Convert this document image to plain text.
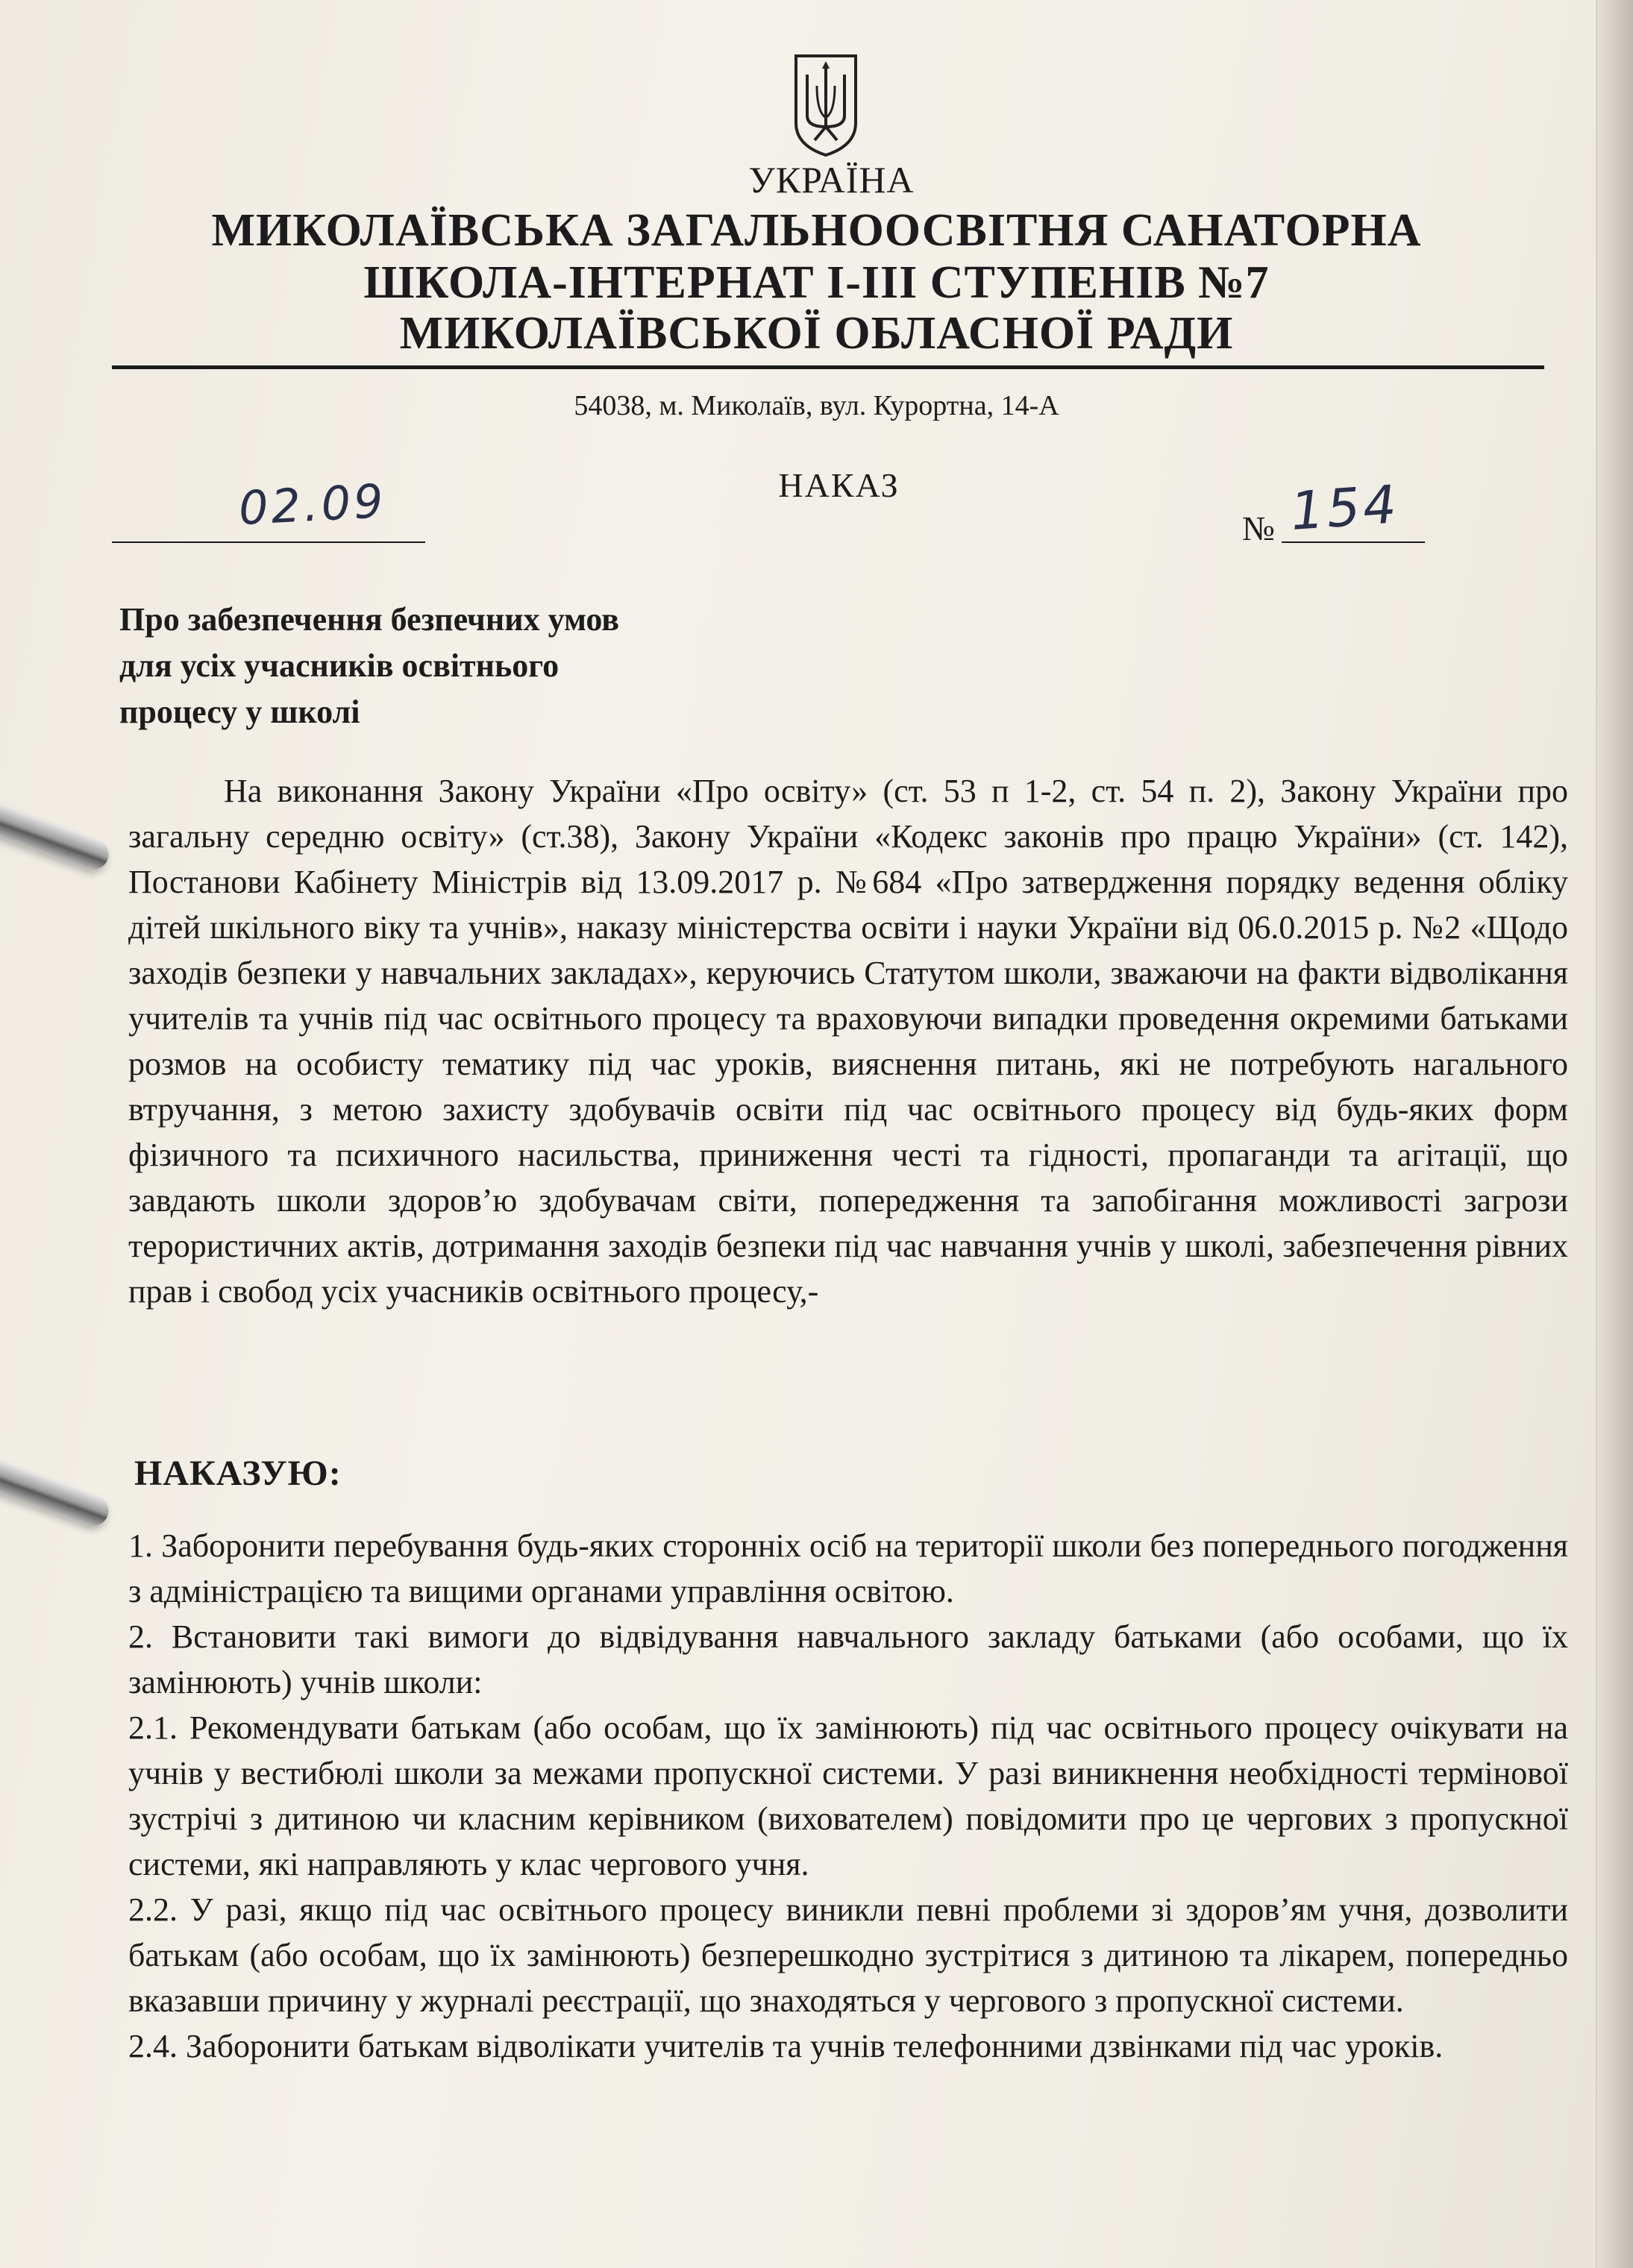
УКРАЇНА
МИКОЛАЇВСЬКА ЗАГАЛЬНООСВІТНЯ САНАТОРНА
ШКОЛА-ІНТЕРНАТ І-ІІІ СТУПЕНІВ №7
МИКОЛАЇВСЬКОЇ ОБЛАСНОЇ РАДИ
54038, м. Миколаїв, вул. Курортна, 14-А
НАКАЗ
02.09	№ 154
Про забезпечення безпечних умов
для усіх учасників освітнього
процесу у школі
На виконання Закону України «Про освіту» (ст. 53 п 1-2, ст. 54 п. 2), Закону України про загальну середню освіту» (ст.38), Закону України «Кодекс законів про працю України» (ст. 142), Постанови Кабінету Міністрів від 13.09.2017 р. №684 «Про затвердження порядку ведення обліку дітей шкільного віку та учнів», наказу міністерства освіти і науки України від 06.0.2015 р. №2 «Щодо заходів безпеки у навчальних закладах», керуючись Статутом школи, зважаючи на факти відволікання учителів та учнів під час освітнього процесу та враховуючи випадки проведення окремими батьками розмов на особисту тематику під час уроків, вияснення питань, які не потребують нагального втручання, з метою захисту здобувачів освіти під час освітнього процесу від будь-яких форм фізичного та психичного насильства, приниження честі та гідності, пропаганди та агітації, що завдають школи здоров’ю здобувачам світи, попередження та запобігання можливості загрози терористичних актів, дотримання заходів безпеки під час навчання учнів у школі, забезпечення рівних прав і свобод усіх учасників освітнього процесу,-
НАКАЗУЮ:

1. Заборонити перебування будь-яких сторонніх осіб на території школи без попереднього погодження з адміністрацією та вищими органами управління освітою.

2. Встановити такі вимоги до відвідування навчального закладу батьками (або особами, що їх замінюють) учнів школи:

2.1. Рекомендувати батькам (або особам, що їх замінюють) під час освітнього процесу очікувати на учнів у вестибюлі школи за межами пропускної системи. У разі виникнення необхідності термінової зустрічі з дитиною чи класним керівником (вихователем) повідомити про це чергових з пропускної системи, які направляють у клас чергового учня.

2.2. У разі, якщо під час освітнього процесу виникли певні проблеми зі здоров’ям учня, дозволити батькам (або особам, що їх замінюють) безперешкодно зустрітися з дитиною та лікарем, попередньо вказавши причину у журналі реєстрації, що знаходяться у чергового з пропускної системи.

2.4. Заборонити батькам відволікати учителів та учнів телефонними дзвінками під час уроків.
